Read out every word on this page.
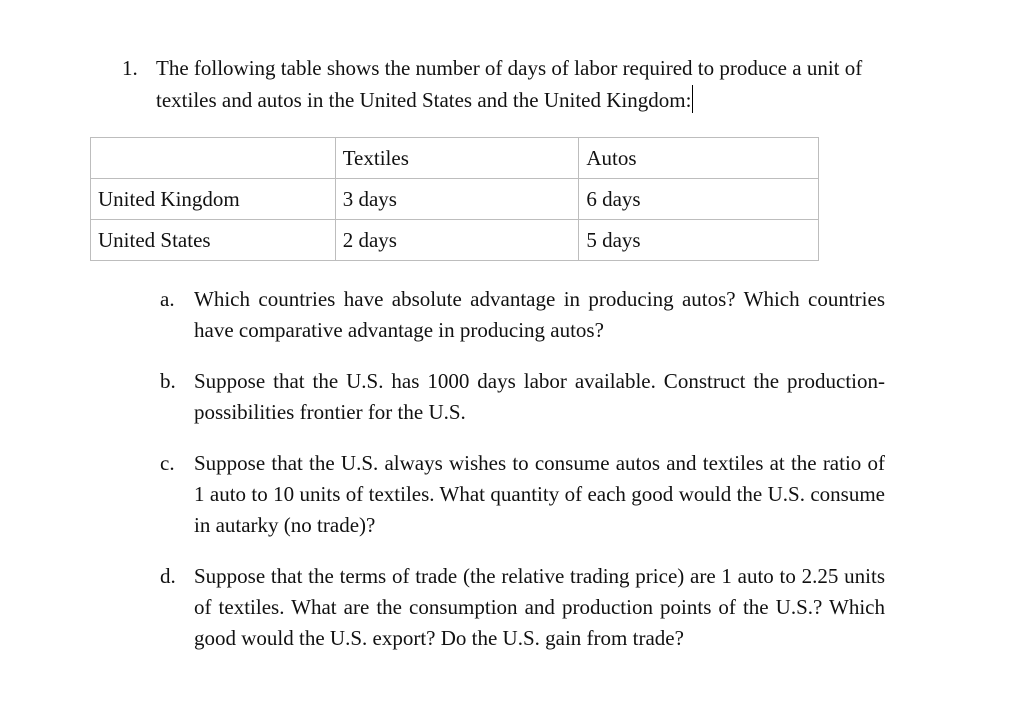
1. The following table shows the number of days of labor required to produce a unit of textiles and autos in the United States and the United Kingdom:
	Textiles	Autos
United Kingdom	3 days	6 days
United States	2 days	5 days
a. Which countries have absolute advantage in producing autos? Which countries have comparative advantage in producing autos?
b. Suppose that the U.S. has 1000 days labor available. Construct the production-possibilities frontier for the U.S.
c. Suppose that the U.S. always wishes to consume autos and textiles at the ratio of 1 auto to 10 units of textiles. What quantity of each good would the U.S. consume in autarky (no trade)?
d. Suppose that the terms of trade (the relative trading price) are 1 auto to 2.25 units of textiles. What are the consumption and production points of the U.S.? Which good would the U.S. export? Do the U.S. gain from trade?
